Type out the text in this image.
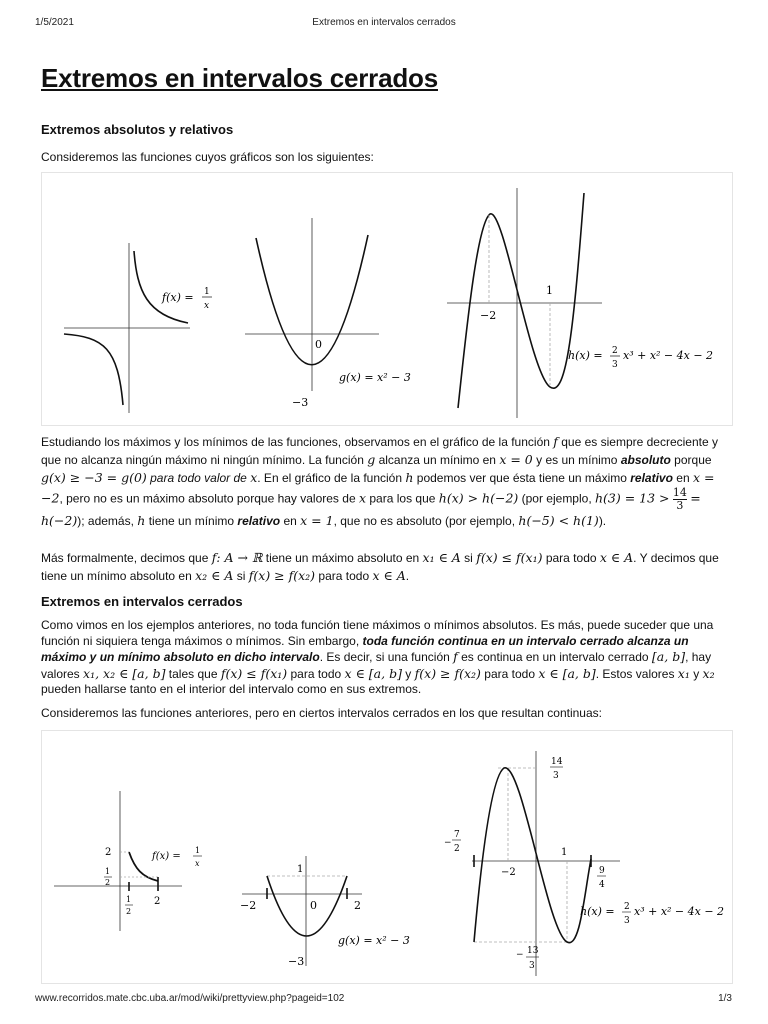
1/5/2021	Extremos en intervalos cerrados
Extremos en intervalos cerrados
Extremos absolutos y relativos
Consideremos las funciones cuyos gráficos son los siguientes:
f(x) = 1
x
0
−3
g(x) = x² − 3
1
−2
h(x) = 2
3
x³ + x² − 4x − 2
Estudiando los máximos y los mínimos de las funciones, observamos en el gráfico de la función f que es siempre decreciente y que no alcanza ningún máximo ni ningún mínimo. La función g alcanza un mínimo en x = 0 y es un mínimo absoluto porque g(x) ≥ −3 = g(0) para todo valor de x. En el gráfico de la función h podemos ver que ésta tiene un máximo relativo en x = −2, pero no es un máximo absoluto porque hay valores de x para los que h(x) > h(−2) (por ejemplo, $h(3) = 13 > \frac{14}{3} = h(-2)$); además, h tiene un mínimo relativo en x = 1, que no es absoluto (por ejemplo, h(−5) < h(1)).
Más formalmente, decimos que f: A → ℝ tiene un máximo absoluto en x₁ ∈ A si f(x) ≤ f(x₁) para todo x ∈ A. Y decimos que tiene un mínimo absoluto en x₂ ∈ A si f(x) ≥ f(x₂) para todo x ∈ A.
Extremos en intervalos cerrados
Como vimos en los ejemplos anteriores, no toda función tiene máximos o mínimos absolutos. Es más, puede suceder que una función ni siquiera tenga máximos o mínimos. Sin embargo, toda función continua en un intervalo cerrado alcanza un máximo y un mínimo absoluto en dicho intervalo. Es decir, si una función f es continua en un intervalo cerrado [a, b], hay valores x₁, x₂ ∈ [a, b] tales que f(x) ≤ f(x₁) para todo x ∈ [a, b] y f(x) ≥ f(x₂) para todo x ∈ [a, b]. Estos valores x₁ y x₂ pueden hallarse tanto en el interior del intervalo como en sus extremos.
Consideremos las funciones anteriores, pero en ciertos intervalos cerrados en los que resultan continuas:
2
1
2
1
2
2
f(x) =
1
x
1
−2	0	2
−3
g(x) = x² − 3
14
3
−
7
2
−2
1
9
4
− 13
3
h(x) = 2
3
x³ + x² − 4x − 2
www.recorridos.mate.cbc.uba.ar/mod/wiki/prettyview.php?pageid=102	1/3
